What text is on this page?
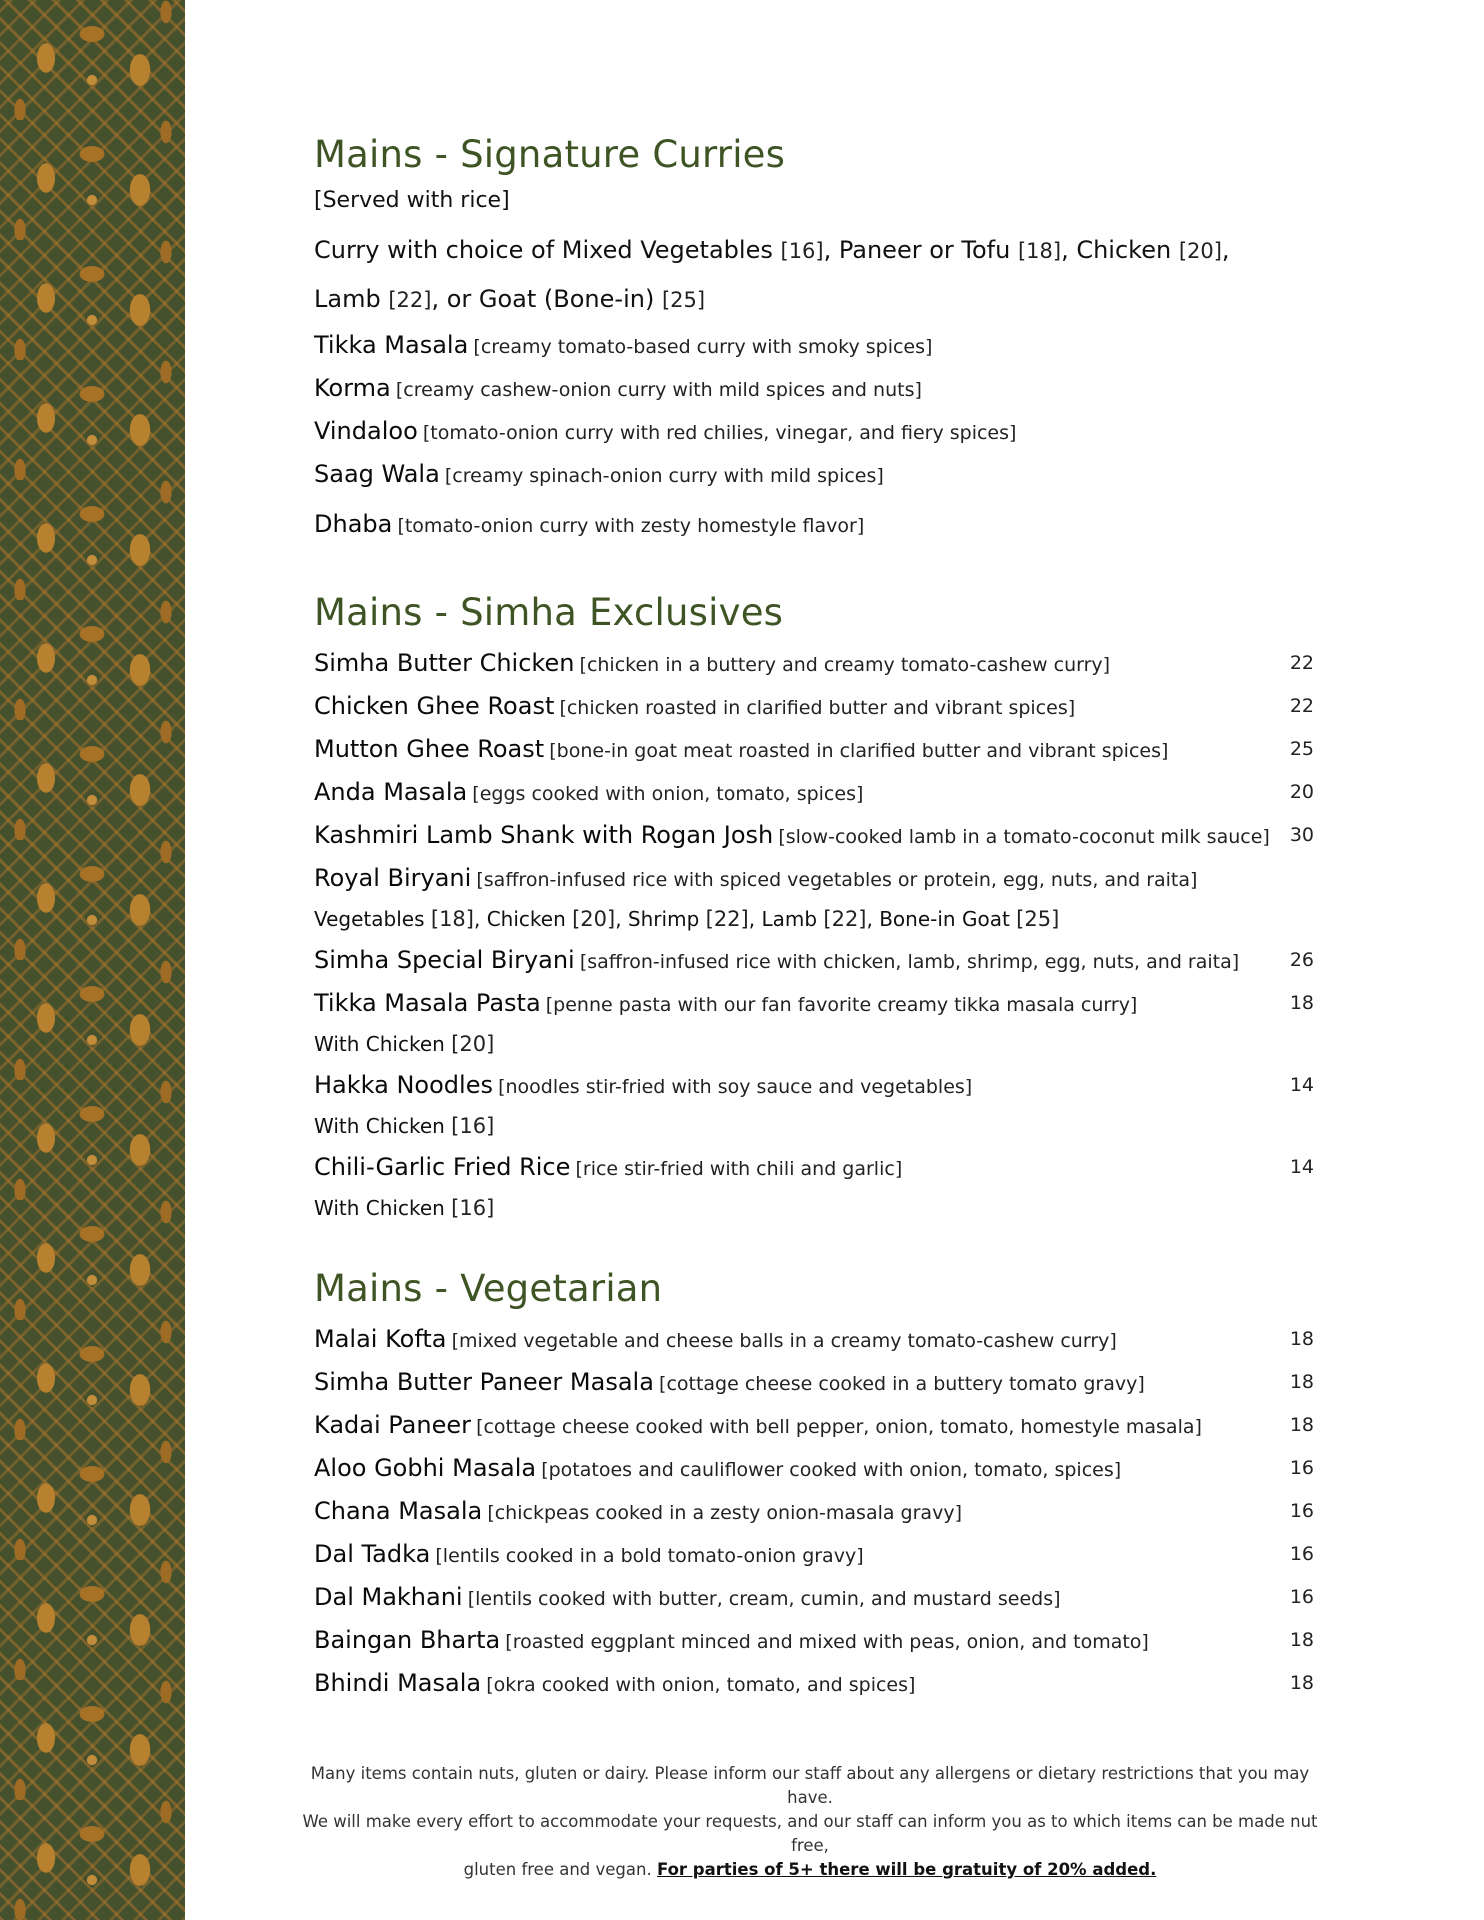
Mains - Signature Curries
[Served with rice]
Curry with choice of Mixed Vegetables [16], Paneer or Tofu [18], Chicken [20],
Lamb [22], or Goat (Bone-in) [25]
Tikka Masala [creamy tomato-based curry with smoky spices]
Korma [creamy cashew-onion curry with mild spices and nuts]
Vindaloo [tomato-onion curry with red chilies, vinegar, and fiery spices]
Saag Wala [creamy spinach-onion curry with mild spices]
Dhaba [tomato-onion curry with zesty homestyle flavor]
Mains - Simha Exclusives
Simha Butter Chicken [chicken in a buttery and creamy tomato-cashew curry]	22
Chicken Ghee Roast [chicken roasted in clarified butter and vibrant spices]	22
Mutton Ghee Roast [bone-in goat meat roasted in clarified butter and vibrant spices]	25
Anda Masala [eggs cooked with onion, tomato, spices]	20
Kashmiri Lamb Shank with Rogan Josh [slow-cooked lamb in a tomato-coconut milk sauce]	30
Royal Biryani [saffron-infused rice with spiced vegetables or protein, egg, nuts, and raita]
Vegetables [18], Chicken [20], Shrimp [22], Lamb [22], Bone-in Goat [25]
Simha Special Biryani [saffron-infused rice with chicken, lamb, shrimp, egg, nuts, and raita]	26
Tikka Masala Pasta [penne pasta with our fan favorite creamy tikka masala curry]	18
With Chicken [20]
Hakka Noodles [noodles stir-fried with soy sauce and vegetables]	14
With Chicken [16]
Chili-Garlic Fried Rice [rice stir-fried with chili and garlic]	14
With Chicken [16]
Mains - Vegetarian
Malai Kofta [mixed vegetable and cheese balls in a creamy tomato-cashew curry]	18
Simha Butter Paneer Masala [cottage cheese cooked in a buttery tomato gravy]	18
Kadai Paneer [cottage cheese cooked with bell pepper, onion, tomato, homestyle masala]	18
Aloo Gobhi Masala [potatoes and cauliflower cooked with onion, tomato, spices]	16
Chana Masala [chickpeas cooked in a zesty onion-masala gravy]	16
Dal Tadka [lentils cooked in a bold tomato-onion gravy]	16
Dal Makhani [lentils cooked with butter, cream, cumin, and mustard seeds]	16
Baingan Bharta [roasted eggplant minced and mixed with peas, onion, and tomato]	18
Bhindi Masala [okra cooked with onion, tomato, and spices]	18
Many items contain nuts, gluten or dairy. Please inform our staff about any allergens or dietary restrictions that you may have.
We will make every effort to accommodate your requests, and our staff can inform you as to which items can be made nut free,
gluten free and vegan. For parties of 5+ there will be gratuity of 20% added.
